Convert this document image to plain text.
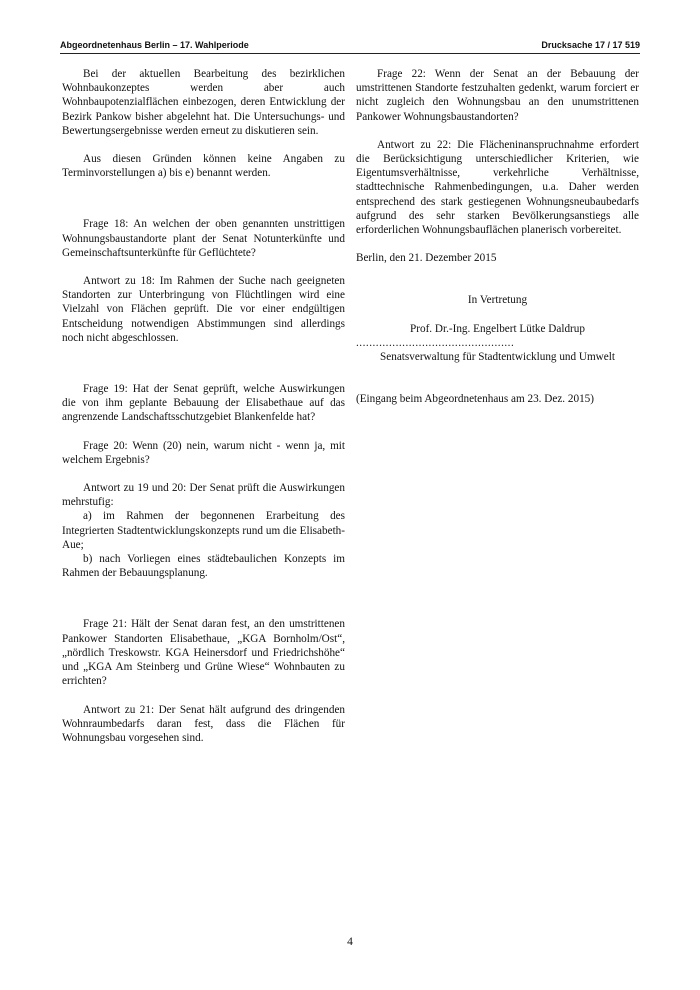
Abgeordnetenhaus Berlin – 17. Wahlperiode	Drucksache 17 / 17 519

Bei der aktuellen Bearbeitung des bezirklichen Wohnbaukonzeptes werden aber auch Wohnbaupotenzialflächen einbezogen, deren Entwicklung der Bezirk Pankow bisher abgelehnt hat. Die Untersuchungs- und Bewertungsergebnisse werden erneut zu diskutieren sein.

Aus diesen Gründen können keine Angaben zu Terminvorstellungen a) bis e) benannt werden.

Frage 18: An welchen der oben genannten unstrittigen Wohnungsbaustandorte plant der Senat Notunterkünfte und Gemeinschaftsunterkünfte für Geflüchtete?

Antwort zu 18: Im Rahmen der Suche nach geeigneten Standorten zur Unterbringung von Flüchtlingen wird eine Vielzahl von Flächen geprüft. Die vor einer endgültigen Entscheidung notwendigen Abstimmungen sind allerdings noch nicht abgeschlossen.

Frage 19: Hat der Senat geprüft, welche Auswirkungen die von ihm geplante Bebauung der Elisabethaue auf das angrenzende Landschaftsschutzgebiet Blankenfelde hat?

Frage 20: Wenn (20) nein, warum nicht - wenn ja, mit welchem Ergebnis?

Antwort zu 19 und 20: Der Senat prüft die Auswirkungen mehrstufig:

a) im Rahmen der begonnenen Erarbeitung des Integrierten Stadtentwicklungskonzepts rund um die Elisabeth-Aue;

b) nach Vorliegen eines städtebaulichen Konzepts im Rahmen der Bebauungsplanung.

Frage 21: Hält der Senat daran fest, an den umstrittenen Pankower Standorten Elisabethaue, „KGA Bornholm/Ost“, „nördlich Treskowstr. KGA Heinersdorf und Friedrichshöhe“ und „KGA Am Steinberg und Grüne Wiese“ Wohnbauten zu errichten?

Antwort zu 21: Der Senat hält aufgrund des dringenden Wohnraumbedarfs daran fest, dass die Flächen für Wohnungsbau vorgesehen sind.

Frage 22: Wenn der Senat an der Bebauung der umstrittenen Standorte festzuhalten gedenkt, warum forciert er nicht zugleich den Wohnungsbau an den unumstrittenen Pankower Wohnungsbaustandorten?

Antwort zu 22: Die Flächeninanspruchnahme erfordert die Berücksichtigung unterschiedlicher Kriterien, wie Eigentumsverhältnisse, verkehrliche Verhältnisse, stadttechnische Rahmenbedingungen, u.a. Daher werden entsprechend des stark gestiegenen Wohnungsneubaubedarfs aufgrund des sehr starken Bevölkerungsanstiegs alle erforderlichen Wohnungsbauflächen planerisch vorbereitet.

Berlin, den 21. Dezember 2015

In Vertretung

Prof. Dr.-Ing. Engelbert Lütke Daldrup

................................................

Senatsverwaltung für Stadtentwicklung und Umwelt

(Eingang beim Abgeordnetenhaus am 23. Dez. 2015)

4
